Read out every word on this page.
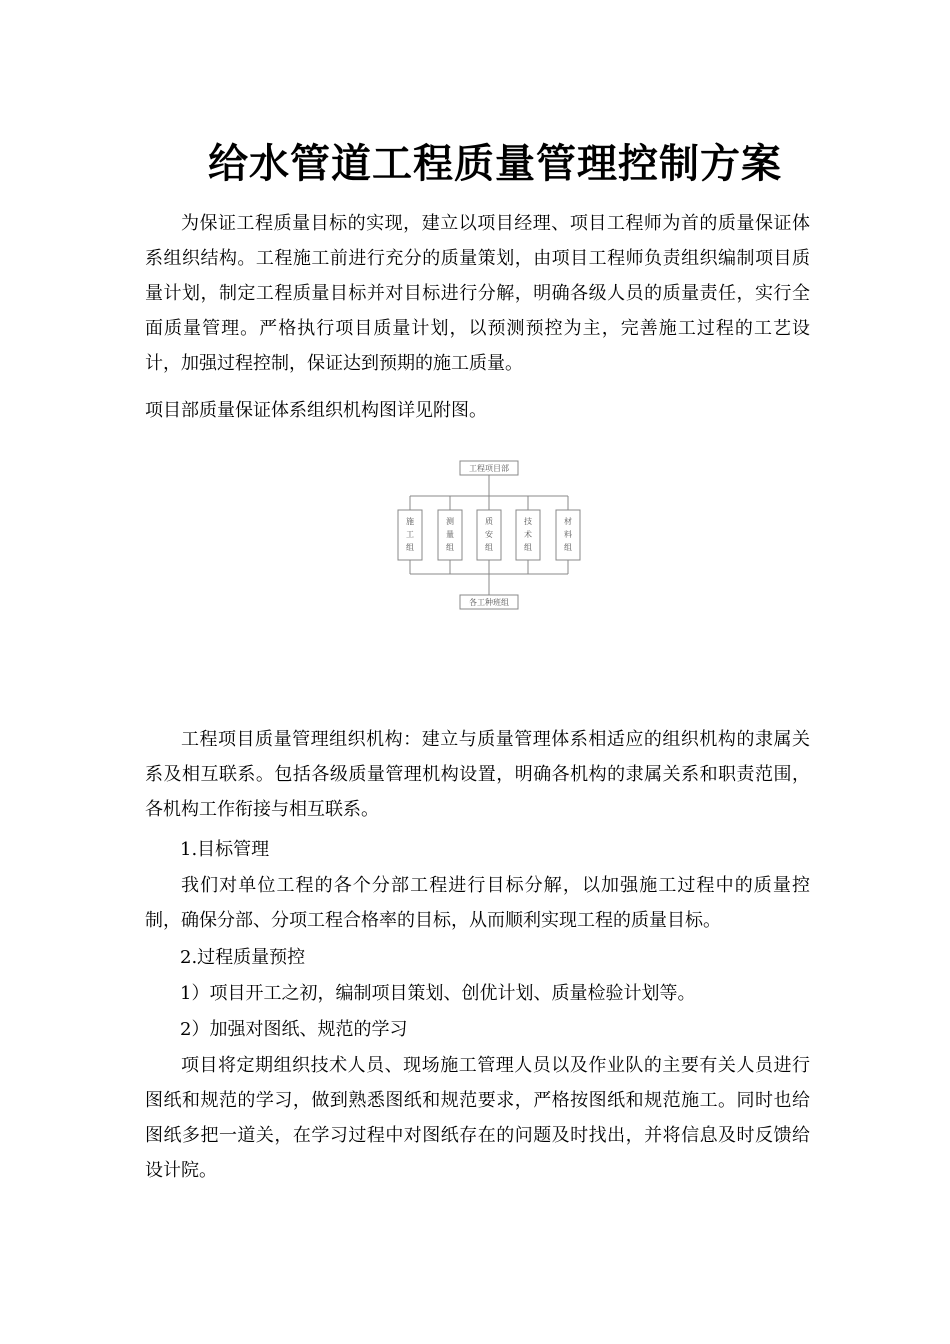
给水管道工程质量管理控制方案

为保证工程质量目标的实现，建立以项目经理、项目工程师为首的质量保证体系组织结构。工程施工前进行充分的质量策划，由项目工程师负责组织编制项目质量计划，制定工程质量目标并对目标进行分解，明确各级人员的质量责任，实行全面质量管理。严格执行项目质量计划，以预测预控为主，完善施工过程的工艺设计，加强过程控制，保证达到预期的施工质量。

项目部质量保证体系组织机构图详见附图。

工程项目部
施
工
组
测
量
组
质
安
组
技
术
组
材
料
组
各工种班组

工程项目质量管理组织机构：建立与质量管理体系相适应的组织机构的隶属关系及相互联系。包括各级质量管理机构设置，明确各机构的隶属关系和职责范围，各机构工作衔接与相互联系。

1.目标管理

我们对单位工程的各个分部工程进行目标分解，以加强施工过程中的质量控制，确保分部、分项工程合格率的目标，从而顺利实现工程的质量目标。

2.过程质量预控

1）项目开工之初，编制项目策划、创优计划、质量检验计划等。

2）加强对图纸、规范的学习

项目将定期组织技术人员、现场施工管理人员以及作业队的主要有关人员进行图纸和规范的学习，做到熟悉图纸和规范要求，严格按图纸和规范施工。同时也给图纸多把一道关，在学习过程中对图纸存在的问题及时找出，并将信息及时反馈给设计院。
